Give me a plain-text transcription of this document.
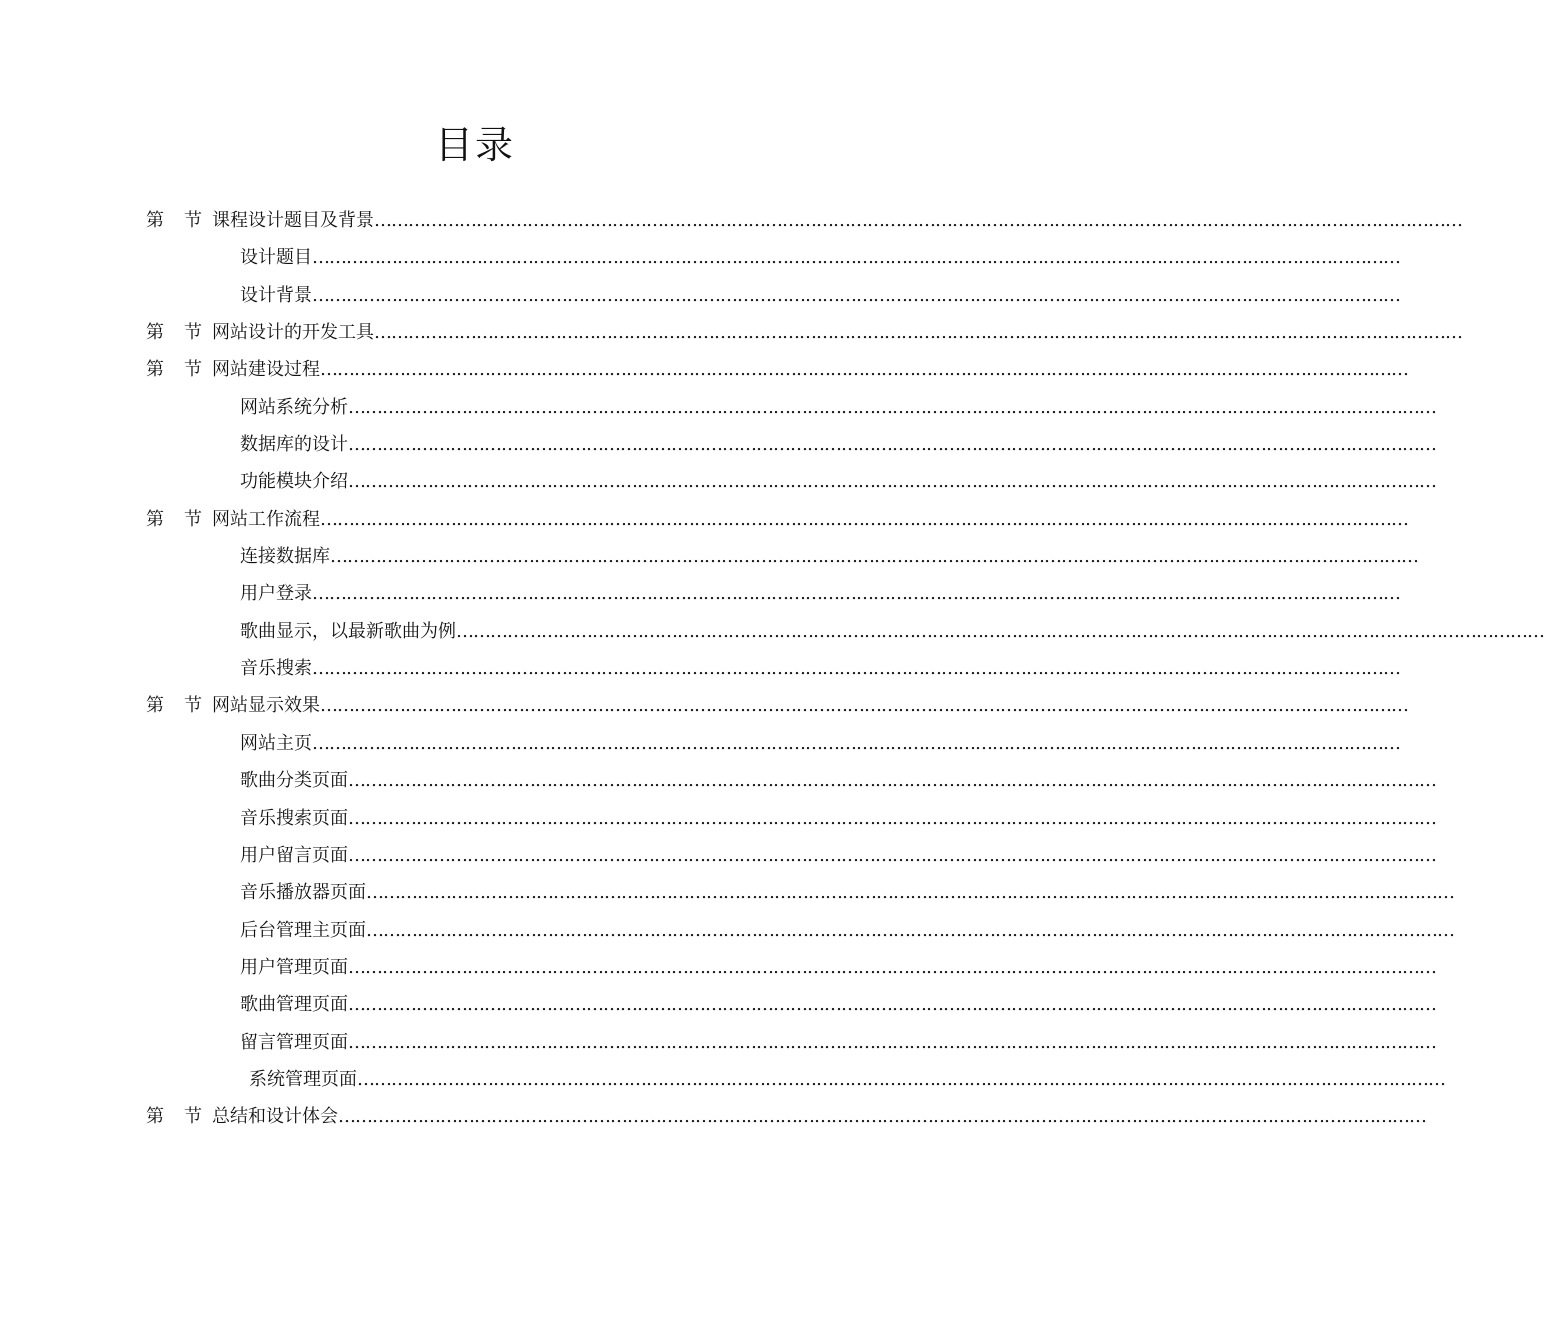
目录
第 节 课程设计题目及背景…………………………………………………………………………………………………………………………………………………………………………
设计题目…………………………………………………………………………………………………………………………………………………………………………
设计背景…………………………………………………………………………………………………………………………………………………………………………
第 节 网站设计的开发工具…………………………………………………………………………………………………………………………………………………………………………
第 节 网站建设过程…………………………………………………………………………………………………………………………………………………………………………
网站系统分析…………………………………………………………………………………………………………………………………………………………………………
数据库的设计…………………………………………………………………………………………………………………………………………………………………………
功能模块介绍…………………………………………………………………………………………………………………………………………………………………………
第 节 网站工作流程…………………………………………………………………………………………………………………………………………………………………………
连接数据库…………………………………………………………………………………………………………………………………………………………………………
用户登录…………………………………………………………………………………………………………………………………………………………………………
歌曲显示，以最新歌曲为例…………………………………………………………………………………………………………………………………………………………………………
音乐搜索…………………………………………………………………………………………………………………………………………………………………………
第 节 网站显示效果…………………………………………………………………………………………………………………………………………………………………………
网站主页…………………………………………………………………………………………………………………………………………………………………………
歌曲分类页面…………………………………………………………………………………………………………………………………………………………………………
音乐搜索页面…………………………………………………………………………………………………………………………………………………………………………
用户留言页面…………………………………………………………………………………………………………………………………………………………………………
音乐播放器页面…………………………………………………………………………………………………………………………………………………………………………
后台管理主页面…………………………………………………………………………………………………………………………………………………………………………
用户管理页面…………………………………………………………………………………………………………………………………………………………………………
歌曲管理页面…………………………………………………………………………………………………………………………………………………………………………
留言管理页面…………………………………………………………………………………………………………………………………………………………………………
系统管理页面…………………………………………………………………………………………………………………………………………………………………………
第 节 总结和设计体会…………………………………………………………………………………………………………………………………………………………………………
